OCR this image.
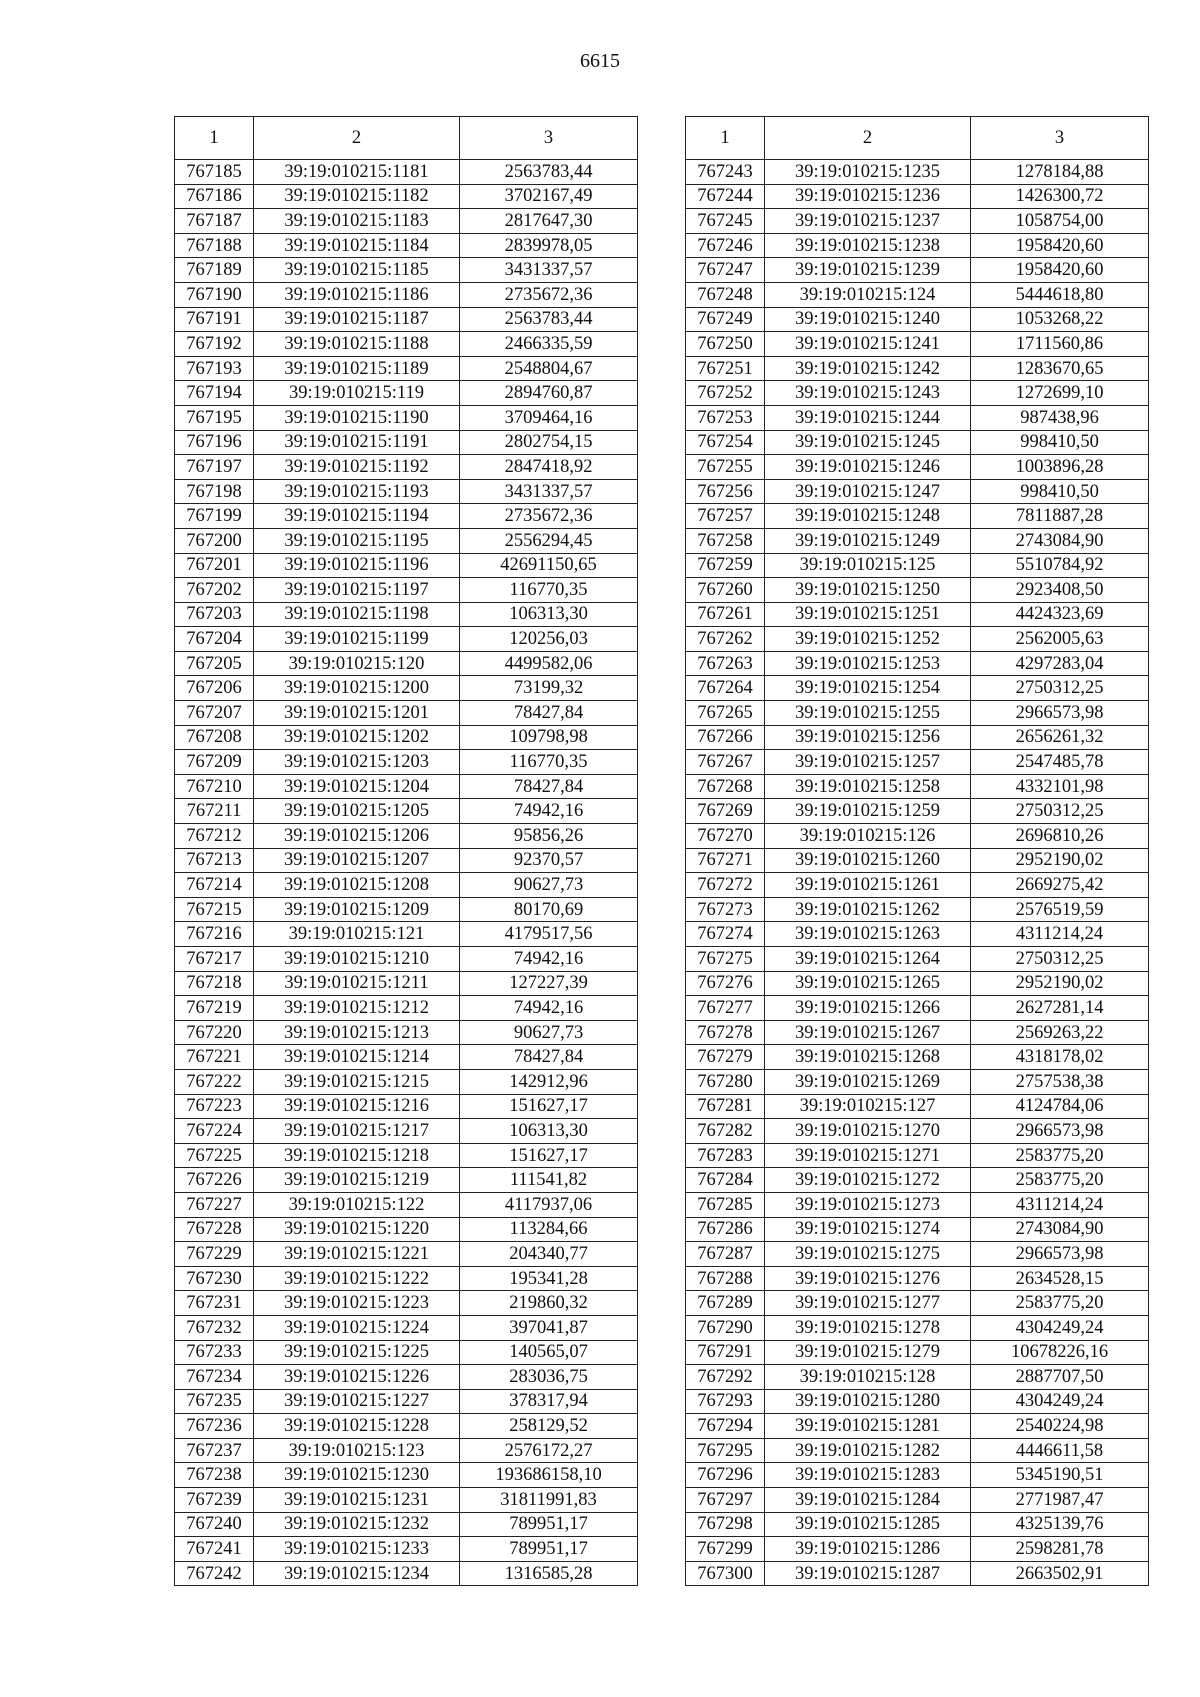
6615
1	2	3
767185	39:19:010215:1181	2563783,44
767186	39:19:010215:1182	3702167,49
767187	39:19:010215:1183	2817647,30
767188	39:19:010215:1184	2839978,05
767189	39:19:010215:1185	3431337,57
767190	39:19:010215:1186	2735672,36
767191	39:19:010215:1187	2563783,44
767192	39:19:010215:1188	2466335,59
767193	39:19:010215:1189	2548804,67
767194	39:19:010215:119	2894760,87
767195	39:19:010215:1190	3709464,16
767196	39:19:010215:1191	2802754,15
767197	39:19:010215:1192	2847418,92
767198	39:19:010215:1193	3431337,57
767199	39:19:010215:1194	2735672,36
767200	39:19:010215:1195	2556294,45
767201	39:19:010215:1196	42691150,65
767202	39:19:010215:1197	116770,35
767203	39:19:010215:1198	106313,30
767204	39:19:010215:1199	120256,03
767205	39:19:010215:120	4499582,06
767206	39:19:010215:1200	73199,32
767207	39:19:010215:1201	78427,84
767208	39:19:010215:1202	109798,98
767209	39:19:010215:1203	116770,35
767210	39:19:010215:1204	78427,84
767211	39:19:010215:1205	74942,16
767212	39:19:010215:1206	95856,26
767213	39:19:010215:1207	92370,57
767214	39:19:010215:1208	90627,73
767215	39:19:010215:1209	80170,69
767216	39:19:010215:121	4179517,56
767217	39:19:010215:1210	74942,16
767218	39:19:010215:1211	127227,39
767219	39:19:010215:1212	74942,16
767220	39:19:010215:1213	90627,73
767221	39:19:010215:1214	78427,84
767222	39:19:010215:1215	142912,96
767223	39:19:010215:1216	151627,17
767224	39:19:010215:1217	106313,30
767225	39:19:010215:1218	151627,17
767226	39:19:010215:1219	111541,82
767227	39:19:010215:122	4117937,06
767228	39:19:010215:1220	113284,66
767229	39:19:010215:1221	204340,77
767230	39:19:010215:1222	195341,28
767231	39:19:010215:1223	219860,32
767232	39:19:010215:1224	397041,87
767233	39:19:010215:1225	140565,07
767234	39:19:010215:1226	283036,75
767235	39:19:010215:1227	378317,94
767236	39:19:010215:1228	258129,52
767237	39:19:010215:123	2576172,27
767238	39:19:010215:1230	193686158,10
767239	39:19:010215:1231	31811991,83
767240	39:19:010215:1232	789951,17
767241	39:19:010215:1233	789951,17
767242	39:19:010215:1234	1316585,28
1	2	3
767243	39:19:010215:1235	1278184,88
767244	39:19:010215:1236	1426300,72
767245	39:19:010215:1237	1058754,00
767246	39:19:010215:1238	1958420,60
767247	39:19:010215:1239	1958420,60
767248	39:19:010215:124	5444618,80
767249	39:19:010215:1240	1053268,22
767250	39:19:010215:1241	1711560,86
767251	39:19:010215:1242	1283670,65
767252	39:19:010215:1243	1272699,10
767253	39:19:010215:1244	987438,96
767254	39:19:010215:1245	998410,50
767255	39:19:010215:1246	1003896,28
767256	39:19:010215:1247	998410,50
767257	39:19:010215:1248	7811887,28
767258	39:19:010215:1249	2743084,90
767259	39:19:010215:125	5510784,92
767260	39:19:010215:1250	2923408,50
767261	39:19:010215:1251	4424323,69
767262	39:19:010215:1252	2562005,63
767263	39:19:010215:1253	4297283,04
767264	39:19:010215:1254	2750312,25
767265	39:19:010215:1255	2966573,98
767266	39:19:010215:1256	2656261,32
767267	39:19:010215:1257	2547485,78
767268	39:19:010215:1258	4332101,98
767269	39:19:010215:1259	2750312,25
767270	39:19:010215:126	2696810,26
767271	39:19:010215:1260	2952190,02
767272	39:19:010215:1261	2669275,42
767273	39:19:010215:1262	2576519,59
767274	39:19:010215:1263	4311214,24
767275	39:19:010215:1264	2750312,25
767276	39:19:010215:1265	2952190,02
767277	39:19:010215:1266	2627281,14
767278	39:19:010215:1267	2569263,22
767279	39:19:010215:1268	4318178,02
767280	39:19:010215:1269	2757538,38
767281	39:19:010215:127	4124784,06
767282	39:19:010215:1270	2966573,98
767283	39:19:010215:1271	2583775,20
767284	39:19:010215:1272	2583775,20
767285	39:19:010215:1273	4311214,24
767286	39:19:010215:1274	2743084,90
767287	39:19:010215:1275	2966573,98
767288	39:19:010215:1276	2634528,15
767289	39:19:010215:1277	2583775,20
767290	39:19:010215:1278	4304249,24
767291	39:19:010215:1279	10678226,16
767292	39:19:010215:128	2887707,50
767293	39:19:010215:1280	4304249,24
767294	39:19:010215:1281	2540224,98
767295	39:19:010215:1282	4446611,58
767296	39:19:010215:1283	5345190,51
767297	39:19:010215:1284	2771987,47
767298	39:19:010215:1285	4325139,76
767299	39:19:010215:1286	2598281,78
767300	39:19:010215:1287	2663502,91
